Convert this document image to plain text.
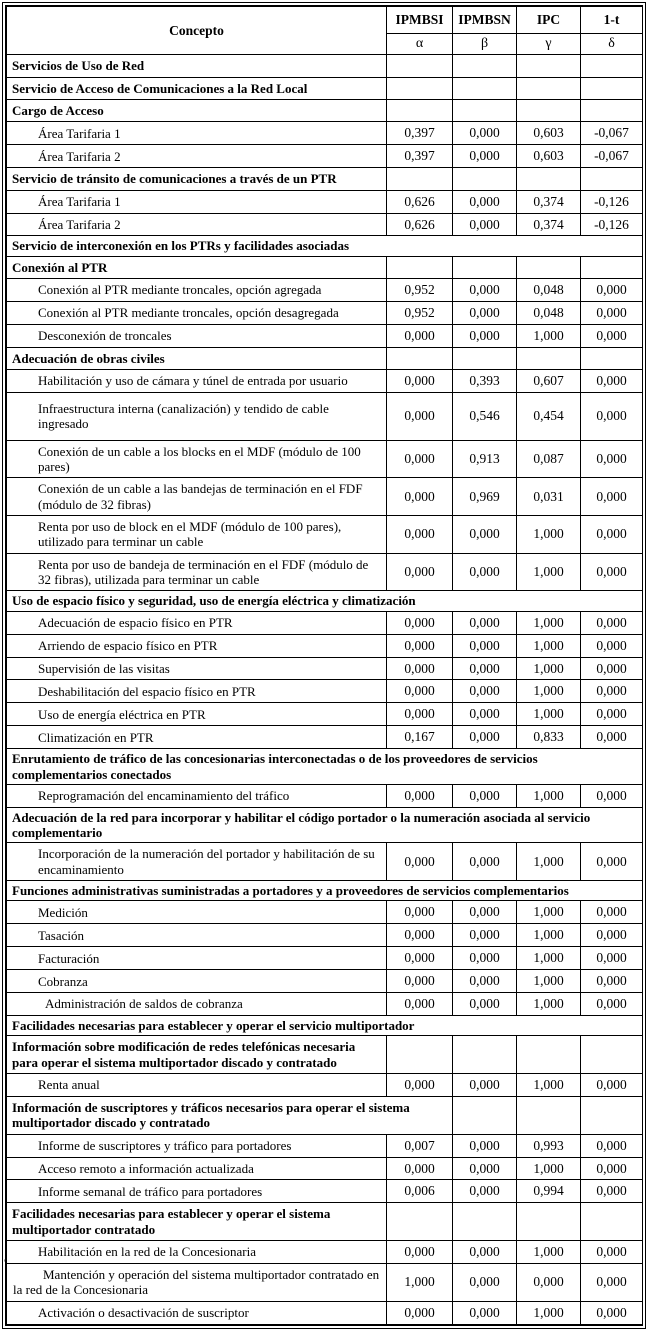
Concepto	IPMBSI	IPMBSN	IPC	1-t
	α	β	γ	δ
Servicios de Uso de Red				
Servicio de Acceso de Comunicaciones a la Red Local				
Cargo de Acceso				
Área Tarifaria 1	0,397	0,000	0,603	-0,067
Área Tarifaria 2	0,397	0,000	0,603	-0,067
Servicio de tránsito de comunicaciones a través de un PTR				
Área Tarifaria 1	0,626	0,000	0,374	-0,126
Área Tarifaria 2	0,626	0,000	0,374	-0,126
Servicio de interconexión en los PTRs y facilidades asociadas				
Conexión al PTR				
Conexión al PTR mediante troncales, opción agregada	0,952	0,000	0,048	0,000
Conexión al PTR mediante troncales, opción desagregada	0,952	0,000	0,048	0,000
Desconexión de troncales	0,000	0,000	1,000	0,000
Adecuación de obras civiles				
Habilitación y uso de cámara y túnel de entrada por usuario	0,000	0,393	0,607	0,000
Infraestructura interna (canalización) y tendido de cable ingresado	0,000	0,546	0,454	0,000
Conexión de un cable a los blocks en el MDF (módulo de 100 pares)	0,000	0,913	0,087	0,000
Conexión de un cable a las bandejas de terminación en el FDF (módulo de 32 fibras)	0,000	0,969	0,031	0,000
Renta por uso de block en el MDF (módulo de 100 pares), utilizado para terminar un cable	0,000	0,000	1,000	0,000
Renta por uso de bandeja de terminación en el FDF (módulo de 32 fibras), utilizada para terminar un cable	0,000	0,000	1,000	0,000
Uso de espacio físico y seguridad, uso de energía eléctrica y climatización				
Adecuación de espacio físico en PTR	0,000	0,000	1,000	0,000
Arriendo de espacio físico en PTR	0,000	0,000	1,000	0,000
Supervisión de las visitas	0,000	0,000	1,000	0,000
Deshabilitación del espacio físico en PTR	0,000	0,000	1,000	0,000
Uso de energía eléctrica en PTR	0,000	0,000	1,000	0,000
Climatización en PTR	0,167	0,000	0,833	0,000
Enrutamiento de tráfico de las concesionarias interconectadas o de los proveedores de servicios complementarios conectados				
Reprogramación del encaminamiento del tráfico	0,000	0,000	1,000	0,000
Adecuación de la red para incorporar y habilitar el código portador o la numeración asociada al servicio complementario				
Incorporación de la numeración del portador y habilitación de su encaminamiento	0,000	0,000	1,000	0,000
Funciones administrativas suministradas a portadores y a proveedores de servicios complementarios				
Medición	0,000	0,000	1,000	0,000
Tasación	0,000	0,000	1,000	0,000
Facturación	0,000	0,000	1,000	0,000
Cobranza	0,000	0,000	1,000	0,000
Administración de saldos de cobranza	0,000	0,000	1,000	0,000
Facilidades necesarias para establecer y operar el servicio multiportador				
Información sobre modificación de redes telefónicas necesaria para operar el sistema multiportador discado y contratado				
Renta anual	0,000	0,000	1,000	0,000
Información de suscriptores y tráficos necesarios para operar el sistema multiportador discado y contratado				
Informe de suscriptores y tráfico para portadores	0,007	0,000	0,993	0,000
Acceso remoto a información actualizada	0,000	0,000	1,000	0,000
Informe semanal de tráfico para portadores	0,006	0,000	0,994	0,000
Facilidades necesarias para establecer y operar el sistema multiportador contratado				
Habilitación en la red de la Concesionaria	0,000	0,000	1,000	0,000
Mantención y operación del sistema multiportador contratado en la red de la Concesionaria	1,000	0,000	0,000	0,000
Activación o desactivación de suscriptor	0,000	0,000	1,000	0,000
'
